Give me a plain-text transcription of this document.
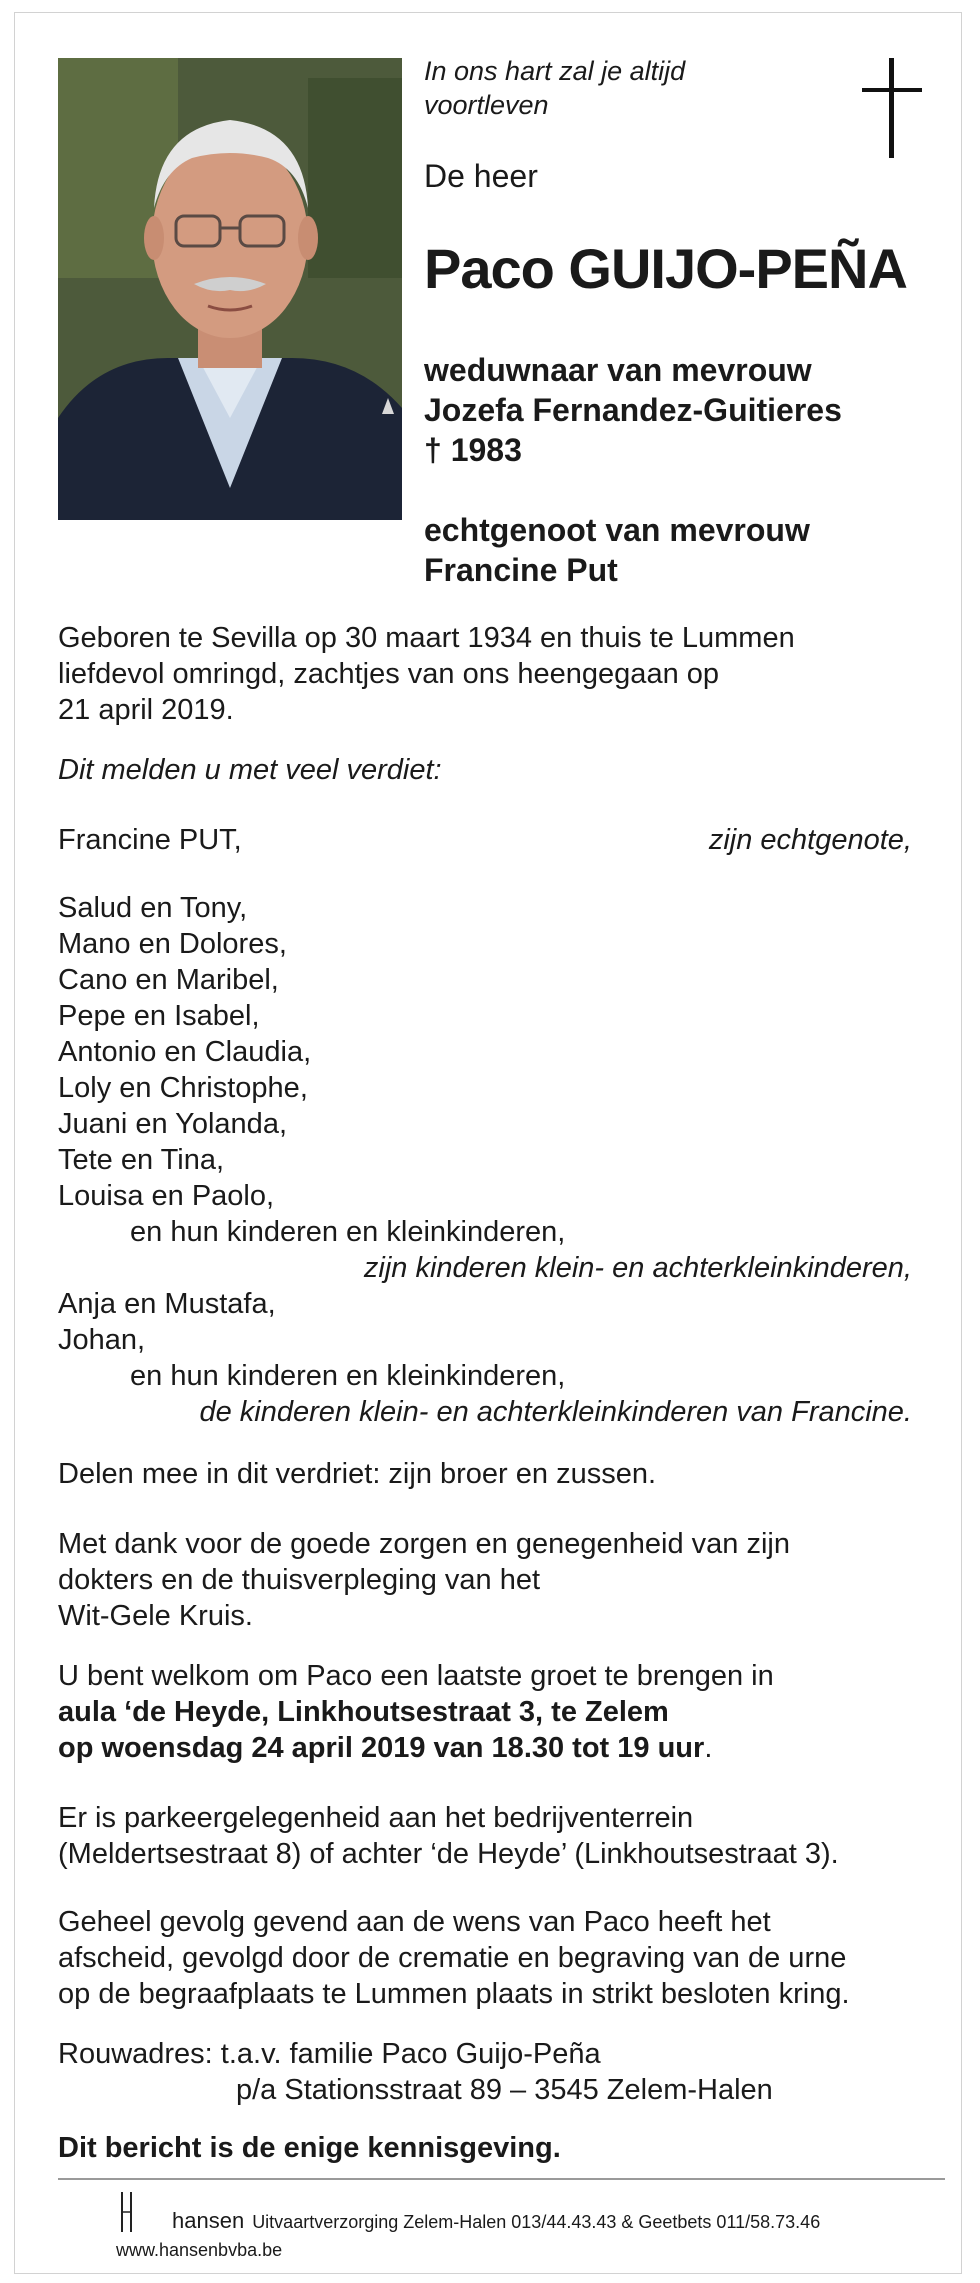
In ons hart zal je altijd
voortleven
De heer
Paco GUIJO-PEÑA
weduwnaar van mevrouw
Jozefa Fernandez-Guitieres
† 1983
echtgenoot van mevrouw
Francine Put
Geboren te Sevilla op 30 maart 1934 en thuis te Lummen
liefdevol omringd, zachtjes van ons heengegaan op
21 april 2019.
Dit melden u met veel verdiet:
Francine PUT,	zijn echtgenote,
Salud en Tony,
Mano en Dolores,
Cano en Maribel,
Pepe en Isabel,
Antonio en Claudia,
Loly en Christophe,
Juani en Yolanda,
Tete en Tina,
Louisa en Paolo,
en hun kinderen en kleinkinderen,
zijn kinderen klein- en achterkleinkinderen,
Anja en Mustafa,
Johan,
en hun kinderen en kleinkinderen,
de kinderen klein- en achterkleinkinderen van Francine.
Delen mee in dit verdriet: zijn broer en zussen.
Met dank voor de goede zorgen en genegenheid van zijn
dokters en de thuisverpleging van het
Wit-Gele Kruis.
U bent welkom om Paco een laatste groet te brengen in
aula ‘de Heyde, Linkhoutsestraat 3, te Zelem
op woensdag 24 april 2019 van 18.30 tot 19 uur.
Er is parkeergelegenheid aan het bedrijventerrein
(Meldertsestraat 8) of achter ‘de Heyde’ (Linkhoutsestraat 3).
Geheel gevolg gevend aan de wens van Paco heeft het
afscheid, gevolgd door de crematie en begraving van de urne
op de begraafplaats te Lummen plaats in strikt besloten kring.
Rouwadres: t.a.v. familie Paco Guijo-Peña
p/a Stationsstraat 89 – 3545 Zelem-Halen
Dit bericht is de enige kennisgeving.
hansen Uitvaartverzorging Zelem-Halen 013/44.43.43 & Geetbets 011/58.73.46
www.hansenbvba.be
